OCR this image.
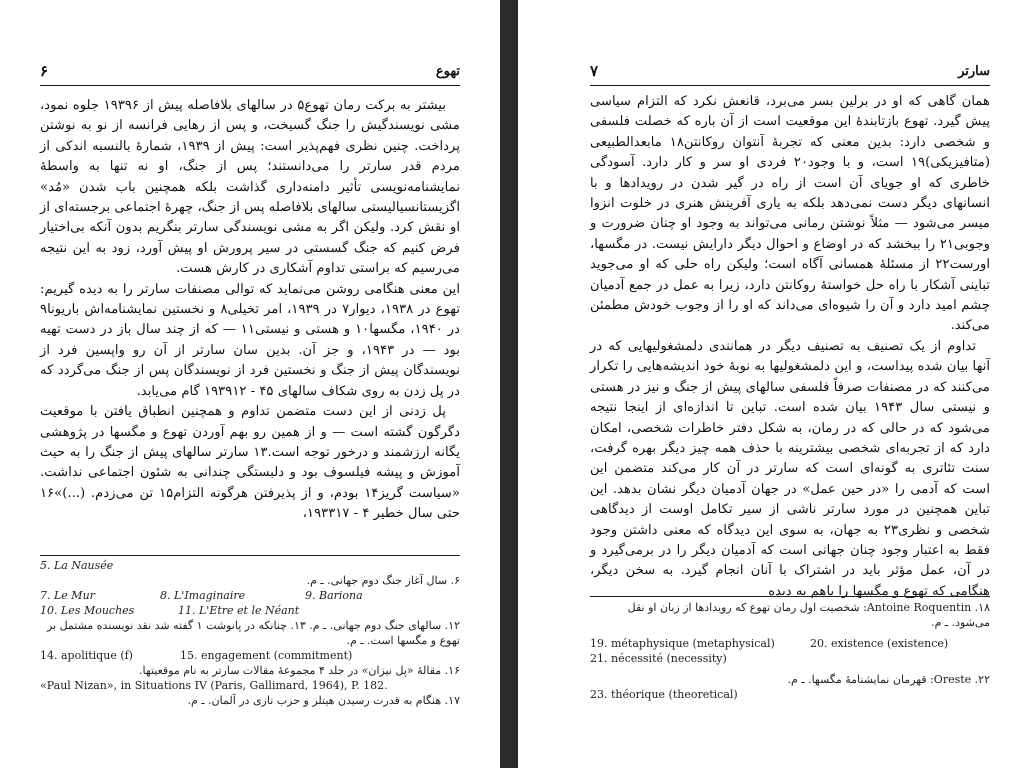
تهوع
۶

بیشتر به برکت رمان تهوع۵ در سالهای بلافاصله پیش از ۱۹۳۹۶ جلوه نمود، مشی نویسندگیش را جنگ گسیخت، و پس از رهایی فرانسه از نو به نوشتن پرداخت. چنین نظری فهم‌پذیر است: پیش از ۱۹۳۹، شمارهٔ بالنسبه اندکی از مردم قدر سارتر را می‌دانستند؛ پس از جنگ، او نه تنها به واسطهٔ نمایشنامه‌نویسی تأثیر دامنه‌داری گذاشت بلکه همچنین باب شدن «مُد» اگزیستانسیالیستی سالهای بلافاصله پس از جنگ، چهرهٔ اجتماعی برجسته‌ای از او نقش کرد. ولیکن اگر به مشی نویسندگی سارتر بنگریم بدون آنکه بی‌اختیار فرض کنیم که جنگ گسستی در سیر پرورش او پیش آورد، زود به این نتیجه می‌رسیم که براستی تداوم آشکاری در کارش هست.

این معنی هنگامی روشن می‌نماید که توالی مصنفات سارتر را به دیده گیریم: تهوع در ۱۹۳۸، دیوار۷ در ۱۹۳۹، امر تخیلی۸ و نخستین نمایشنامه‌اش باریونا۹ در ۱۹۴۰، مگسها۱۰ و هستی و نیستی۱۱ — که از چند سال باز در دست تهیه بود — در ۱۹۴۳، و جز آن. بدین سان سارتر از آن رو واپسین فرد از نویسندگان پیش از جنگ و نخستین فرد از نویسندگان پس از جنگ می‌گردد که در پل زدن به روی شکاف سالهای ۴۵ - ۱۹۳۹۱۲ گام می‌یابد.

پل زدنی از این دست متضمن تداوم و همچنین انطباق یافتن با موقعیت دگرگون گشته است — و از همین رو بهم آوردن تهوع و مگسها در پژوهشی یگانه ارزشمند و درخور توجه است.۱۳ سارتر سالهای پیش از جنگ را به حیث آموزش و پیشه فیلسوف بود و دلبستگی چندانی به شئون اجتماعی نداشت. «سیاست گریز۱۴ بودم، و از پذیرفتن هرگونه التزام۱۵ تن می‌زدم. (...)»۱۶ حتی سال خطیر ۴ - ۱۹۳۳۱۷،

5. La Nausée
۶. سال آغاز جنگ دوم جهانی. ـ م.
7. Le Mur	8. L'Imaginaire	9. Bariona
10. Les Mouches	11. L'Etre et le Néant
۱۲. سالهای جنگ دوم جهانی. ـ م. ۱۳. چنانکه در پانوشت ۱ گفته شد نقد نویسنده مشتمل بر تهوع و مگسها است. ـ م.
14. apolitique (f)	15. engagement (commitment)
۱۶. مقالهٔ «پل نیزان» در جلد ۴ مجموعهٔ مقالات سارتر به نام موقعیتها.
«Paul Nizan», in Situations IV (Paris, Gallimard, 1964), P. 182.
۱۷. هنگام به قدرت رسیدن هیتلر و حزب نازی در آلمان. ـ م.
سارتر
۷

همان گاهی که او در برلین بسر می‌برد، قانعش نکرد که التزام سیاسی پیش گیرد. تهوع بازتابندهٔ این موقعیت است از آن باره که خصلت فلسفی و شخصی دارد: بدین معنی که تجربهٔ آنتوان روکانتن۱۸ مابعدالطبیعی (متافیزیکی)۱۹ است، و با وجود۲۰ فردی او سر و کار دارد. آسودگی خاطری که او جویای آن است از راه در گیر شدن در رویدادها و با انسانهای دیگر دست نمی‌دهد بلکه به یاری آفرینش هنری در خلوت انزوا میسر می‌شود — مثلاً نوشتن رمانی می‌تواند به وجود او چنان ضرورت و وجوبی۲۱ را ببخشد که در اوضاع و احوال دیگر دارایش نیست. در مگسها، اورست۲۲ از مسئلهٔ همسانی آگاه است؛ ولیکن راه حلی که او می‌جوید تباینی آشکار با راه حل خواستهٔ روکانتن دارد، زیرا به عمل در جمع آدمیان چشم امید دارد و آن را شیوه‌ای می‌داند که او را از وجوب خودش مطمئن می‌کند.

تداوم از یک تصنیف به تصنیف دیگر در همانندی دلمشغولیهایی که در آنها بیان شده پیداست، و این دلمشغولیها به نوبهٔ خود اندیشه‌هایی را تکرار می‌کنند که در مصنفات صرفاً فلسفی سالهای پیش از جنگ و نیز در هستی و نیستی سال ۱۹۴۳ بیان شده است. تباین تا اندازه‌ای از اینجا نتیجه می‌شود که در حالی که در رمان، به شکل دفتر خاطرات شخصی، امکان دارد که از تجربه‌ای شخصی بیشترینه با حذف همه چیز دیگر بهره گرفت، سنت تئاتری به گونه‌ای است که سارتر در آن کار می‌کند متضمن این است که آدمی را «در حین عمل» در جهان آدمیان دیگر نشان بدهد. این تباین همچنین در مورد سارتر ناشی از سیر تکامل اوست از دیدگاهی شخصی و نظری۲۳ به جهان، به سوی این دیدگاه که معنی داشتن وجود فقط به اعتبار وجود چنان جهانی است که آدمیان دیگر را در برمی‌گیرد و در آن، عمل مؤثر باید در اشتراک با آنان انجام گیرد. به سخن دیگر، هنگامی که تهوع و مگسها را باهم به دیده

۱۸. Antoine Roquentin: شخصیت اول رمان تهوع که رویدادها از زبان او نقل می‌شود. ـ م.
19. métaphysique (metaphysical)	20. existence (existence)
21. nécessité (necessity)
۲۲. Oreste: قهرمان نمایشنامهٔ مگسها. ـ م.
23. théorique (theoretical)
